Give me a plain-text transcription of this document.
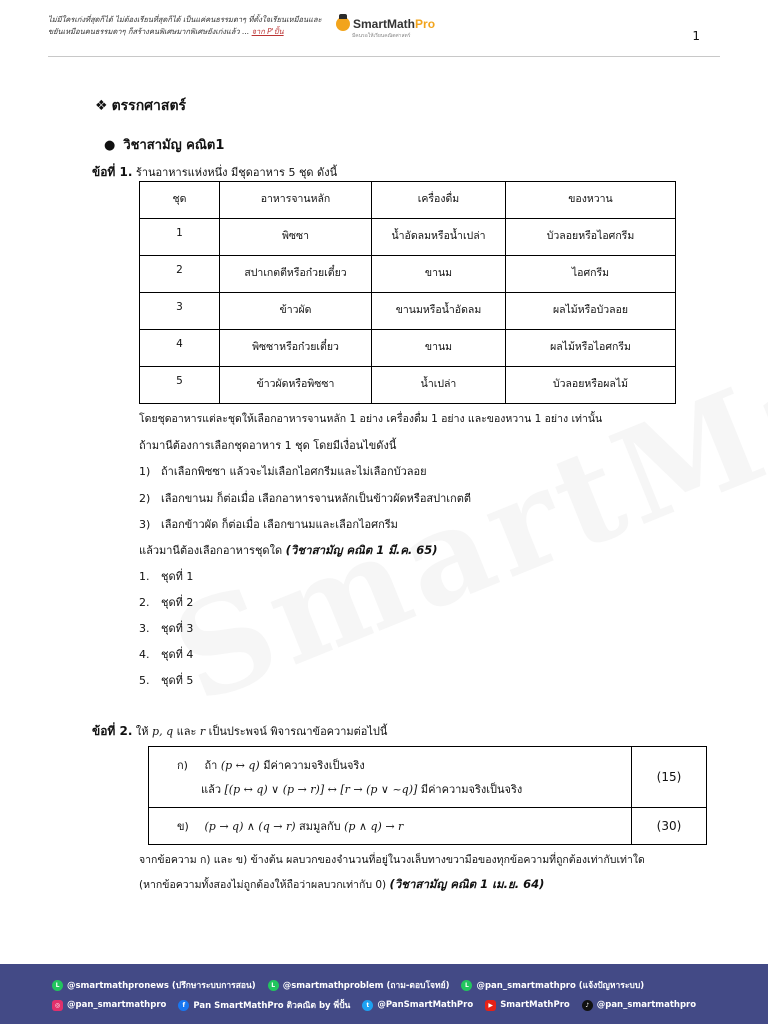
ไม่มีใครเก่งที่สุดก็ได้ ไม่ต้องเรียนที่สุดก็ได้ เป็นแค่คนธรรมดาๆ ที่ตั้งใจเรียนเหมือนและ
ขยันเหมือนคนธรรมดาๆ ก็สร้างคนพิเศษมากพิเศษยังเก่งแล้ว ... จาก P'ปั้น
SmartMathPro
มีคนรอให้เรียนคณิตศาสตร์	1
❖ ตรรกศาสตร์
● วิชาสามัญ คณิต1
ข้อที่ 1. ร้านอาหารแห่งหนึ่ง มีชุดอาหาร 5 ชุด ดังนี้
ชุด	อาหารจานหลัก	เครื่องดื่ม	ของหวาน
1	พิซซา	น้ำอัดลมหรือน้ำเปล่า	บัวลอยหรือไอศกรีม
2	สปาเกตตีหรือก๋วยเตี๋ยว	ขานม	ไอศกรีม
3	ข้าวผัด	ขานมหรือน้ำอัดลม	ผลไม้หรือบัวลอย
4	พิซซาหรือก๋วยเตี๋ยว	ขานม	ผลไม้หรือไอศกรีม
5	ข้าวผัดหรือพิซซา	น้ำเปล่า	บัวลอยหรือผลไม้
โดยชุดอาหารแต่ละชุดให้เลือกอาหารจานหลัก 1 อย่าง เครื่องดื่ม 1 อย่าง และของหวาน 1 อย่าง เท่านั้น
ถ้ามานีต้องการเลือกชุดอาหาร 1 ชุด โดยมีเงื่อนไขดังนี้
1) ถ้าเลือกพิซซา แล้วจะไม่เลือกไอศกรีมและไม่เลือกบัวลอย
2) เลือกขานม ก็ต่อเมื่อ เลือกอาหารจานหลักเป็นข้าวผัดหรือสปาเกตตี
3) เลือกข้าวผัด ก็ต่อเมื่อ เลือกขานมและเลือกไอศกรีม
แล้วมานีต้องเลือกอาหารชุดใด (วิชาสามัญ คณิต 1 มี.ค. 65)
1. ชุดที่ 1
2. ชุดที่ 2
3. ชุดที่ 3
4. ชุดที่ 4
5. ชุดที่ 5
ข้อที่ 2. ให้ p, q และ r เป็นประพจน์ พิจารณาข้อความต่อไปนี้
ก) ถ้า (p ↔ q) มีค่าความจริงเป็นจริง
แล้ว [(p ↔ q) ∨ (p → r)] ↔ [r → (p ∨ ~q)] มีค่าความจริงเป็นจริง	(15)

ข) (p → q) ∧ (q → r) สมมูลกับ (p ∧ q) → r	(30)
จากข้อความ ก) และ ข) ข้างต้น ผลบวกของจำนวนที่อยู่ในวงเล็บทางขวามือของทุกข้อความที่ถูกต้องเท่ากับเท่าใด
(หากข้อความทั้งสองไม่ถูกต้องให้ถือว่าผลบวกเท่ากับ 0) (วิชาสามัญ คณิต 1 เม.ย. 64)
L @smartmathpronews (ปรึกษาระบบการสอน)	L @smartmathproblem (ถาม-ตอบโจทย์)	L @pan_smartmathpro (แจ้งปัญหาระบบ)
◎ @pan_smartmathpro	f Pan SmartMathPro ติวคณิต by พี่ปั้น	t @PanSmartMathPro	▶ SmartMathPro	♪ @pan_smartmathpro
